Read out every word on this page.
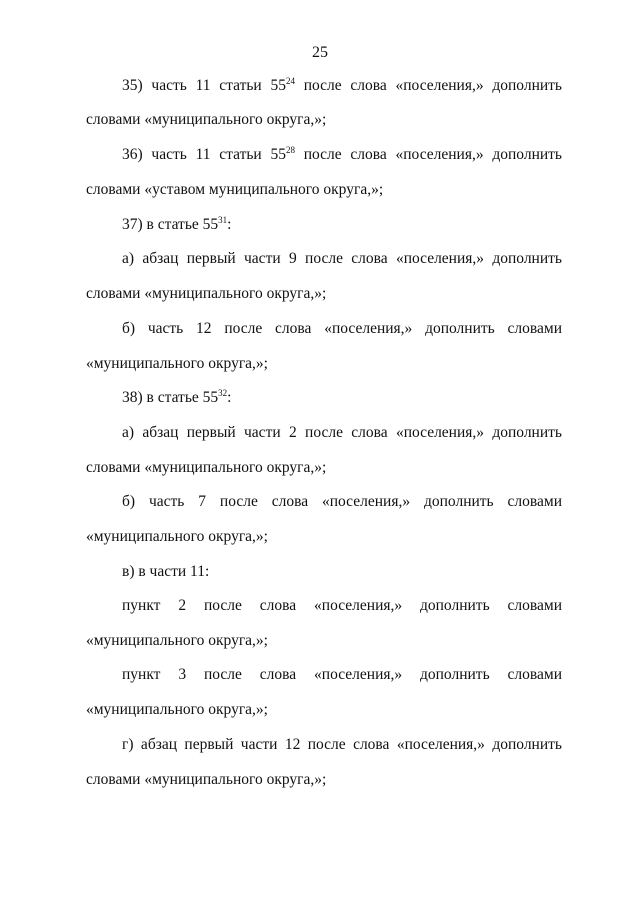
25
35) часть 11 статьи $55^{24}$ после слова «поселения,» дополнить
словами «муниципального округа,»;
36) часть 11 статьи $55^{28}$ после слова «поселения,» дополнить
словами «уставом муниципального округа,»;
37) в статье $55^{31}$:
а) абзац первый части 9 после слова «поселения,» дополнить
словами «муниципального округа,»;
б) часть 12 после слова «поселения,» дополнить словами
«муниципального округа,»;
38) в статье $55^{32}$:
а) абзац первый части 2 после слова «поселения,» дополнить
словами «муниципального округа,»;
б) часть 7 после слова «поселения,» дополнить словами
«муниципального округа,»;
в) в части 11:
пункт 2 после слова «поселения,» дополнить словами
«муниципального округа,»;
пункт 3 после слова «поселения,» дополнить словами
«муниципального округа,»;
г) абзац первый части 12 после слова «поселения,» дополнить
словами «муниципального округа,»;
